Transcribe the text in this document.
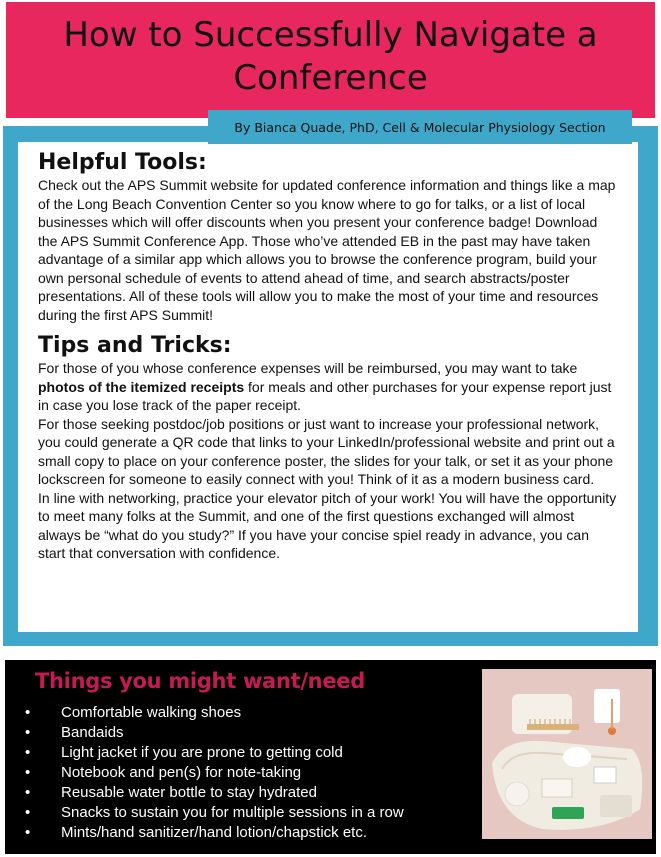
How to Successfully Navigate a Conference
By Bianca Quade, PhD, Cell & Molecular Physiology Section
Helpful Tools:

Check out the APS Summit website for updated conference information and things like a map of the Long Beach Convention Center so you know where to go for talks, or a list of local businesses which will offer discounts when you present your conference badge! Download the APS Summit Conference App. Those who’ve attended EB in the past may have taken advantage of a similar app which allows you to browse the conference program, build your own personal schedule of events to attend ahead of time, and search abstracts/poster presentations. All of these tools will allow you to make the most of your time and resources during the first APS Summit!

Tips and Tricks:

For those of you whose conference expenses will be reimbursed, you may want to take photos of the itemized receipts for meals and other purchases for your expense report just in case you lose track of the paper receipt.

For those seeking postdoc/job positions or just want to increase your professional network, you could generate a QR code that links to your LinkedIn/professional website and print out a small copy to place on your conference poster, the slides for your talk, or set it as your phone lockscreen for someone to easily connect with you! Think of it as a modern business card.

In line with networking, practice your elevator pitch of your work! You will have the opportunity to meet many folks at the Summit, and one of the first questions exchanged will almost always be “what do you study?” If you have your concise spiel ready in advance, you can start that conversation with confidence.

Things you might want/need
• Comfortable walking shoes
• Bandaids
• Light jacket if you are prone to getting cold
• Notebook and pen(s) for note-taking
• Reusable water bottle to stay hydrated
• Snacks to sustain you for multiple sessions in a row
• Mints/hand sanitizer/hand lotion/chapstick etc.
